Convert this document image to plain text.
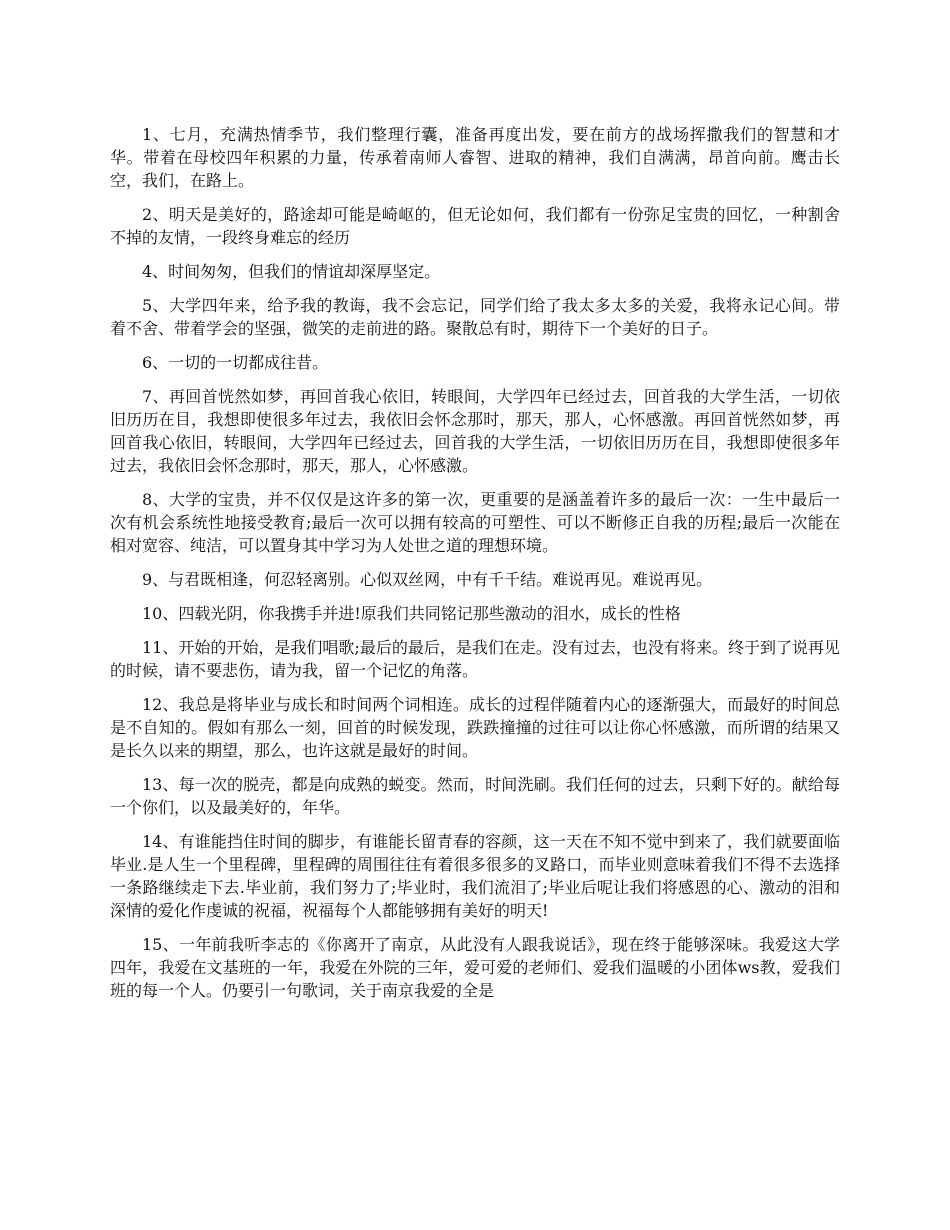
1、七月，充满热情季节，我们整理行囊，准备再度出发，要在前方的战场挥撒我们的智慧和才华。带着在母校四年积累的力量，传承着南师人睿智、进取的精神，我们自满满，昂首向前。鹰击长空，我们，在路上。

2、明天是美好的，路途却可能是崎岖的，但无论如何，我们都有一份弥足宝贵的回忆，一种割舍不掉的友情，一段终身难忘的经历

4、时间匆匆，但我们的情谊却深厚坚定。

5、大学四年来，给予我的教诲，我不会忘记，同学们给了我太多太多的关爱，我将永记心间。带着不舍、带着学会的坚强，微笑的走前进的路。聚散总有时，期待下一个美好的日子。

6、一切的一切都成往昔。

7、再回首恍然如梦，再回首我心依旧，转眼间，大学四年已经过去，回首我的大学生活，一切依旧历历在目，我想即使很多年过去，我依旧会怀念那时，那天，那人，心怀感激。再回首恍然如梦，再回首我心依旧，转眼间，大学四年已经过去，回首我的大学生活，一切依旧历历在目，我想即使很多年过去，我依旧会怀念那时，那天，那人，心怀感激。

8、大学的宝贵，并不仅仅是这许多的第一次，更重要的是涵盖着许多的最后一次：一生中最后一次有机会系统性地接受教育;最后一次可以拥有较高的可塑性、可以不断修正自我的历程;最后一次能在相对宽容、纯洁，可以置身其中学习为人处世之道的理想环境。

9、与君既相逢，何忍轻离别。心似双丝网，中有千千结。难说再见。难说再见。

10、四载光阴，你我携手并进!原我们共同铭记那些激动的泪水，成长的性格

11、开始的开始，是我们唱歌;最后的最后，是我们在走。没有过去，也没有将来。终于到了说再见的时候，请不要悲伤，请为我，留一个记忆的角落。

12、我总是将毕业与成长和时间两个词相连。成长的过程伴随着内心的逐渐强大，而最好的时间总是不自知的。假如有那么一刻，回首的时候发现，跌跌撞撞的过往可以让你心怀感激，而所谓的结果又是长久以来的期望，那么，也许这就是最好的时间。

13、每一次的脱壳，都是向成熟的蜕变。然而，时间洗刷。我们任何的过去，只剩下好的。献给每一个你们，以及最美好的，年华。

14、有谁能挡住时间的脚步，有谁能长留青春的容颜，这一天在不知不觉中到来了，我们就要面临毕业.是人生一个里程碑，里程碑的周围往往有着很多很多的叉路口，而毕业则意味着我们不得不去选择一条路继续走下去.毕业前，我们努力了;毕业时，我们流泪了;毕业后呢让我们将感恩的心、激动的泪和深情的爱化作虔诚的祝福，祝福每个人都能够拥有美好的明天!

15、一年前我听李志的《你离开了南京，从此没有人跟我说话》，现在终于能够深味。我爱这大学四年，我爱在文基班的一年，我爱在外院的三年，爱可爱的老师们、爱我们温暖的小团体ws教，爱我们班的每一个人。仍要引一句歌词，关于南京我爱的全是
